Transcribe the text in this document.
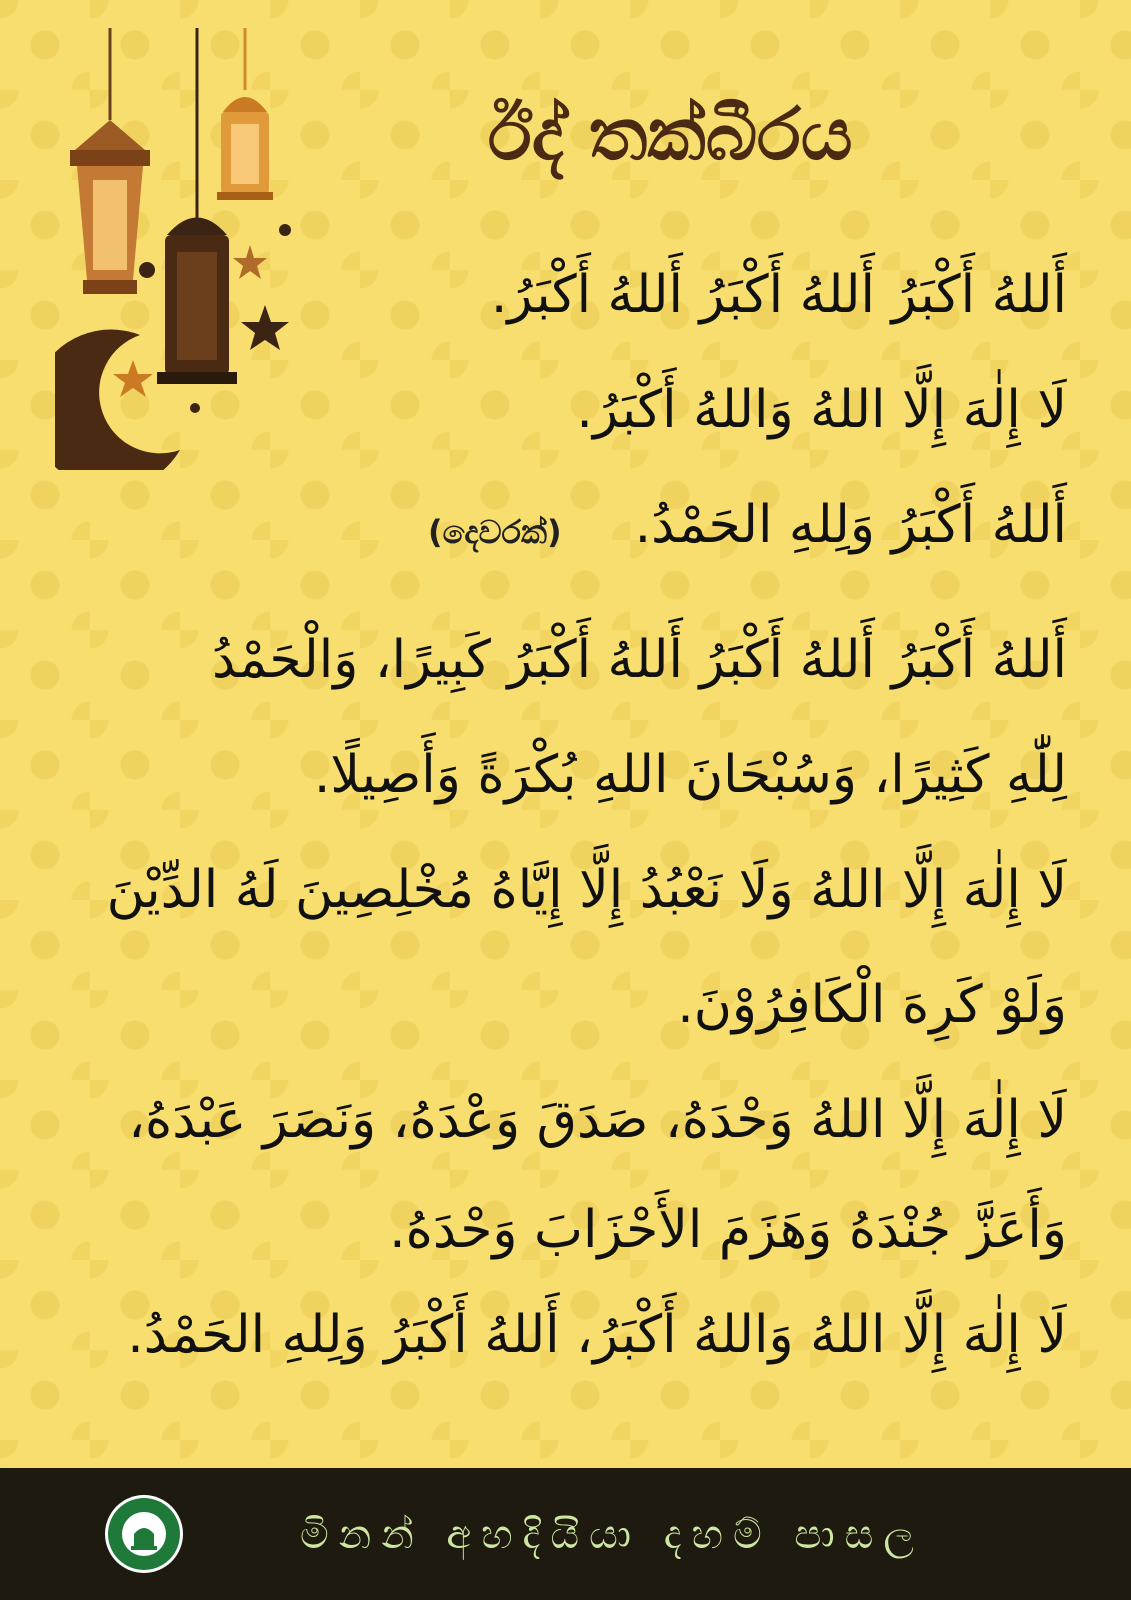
ඊද් තක්බීරය
أَللهُ أَكْبَرُ أَللهُ أَكْبَرُ أَللهُ أَكْبَرُ.
لَا إِلٰهَ إِلَّا اللهُ وَاللهُ أَكْبَرُ.
أَللهُ أَكْبَرُ وَلِلهِ الحَمْدُ.
(දෙවරක්)
أَللهُ أَكْبَرُ أَللهُ أَكْبَرُ أَللهُ أَكْبَرُ كَبِيرًا، وَالْحَمْدُ
لِلّٰهِ كَثِيرًا، وَسُبْحَانَ اللهِ بُكْرَةً وَأَصِيلًا.
لَا إِلٰهَ إِلَّا اللهُ وَلَا نَعْبُدُ إِلَّا إِيَّاهُ مُخْلِصِينَ لَهُ الدِّيْنَ
وَلَوْ كَرِهَ الْكَافِرُوْنَ.
لَا إِلٰهَ إِلَّا اللهُ وَحْدَهُ، صَدَقَ وَعْدَهُ، وَنَصَرَ عَبْدَهُ،
وَأَعَزَّ جُنْدَهُ وَهَزَمَ الأَحْزَابَ وَحْدَهُ.
لَا إِلٰهَ إِلَّا اللهُ وَاللهُ أَكْبَرُ، أَللهُ أَكْبَرُ وَلِلهِ الحَمْدُ.
මිනන් අහදියියා දහම් පාසල
